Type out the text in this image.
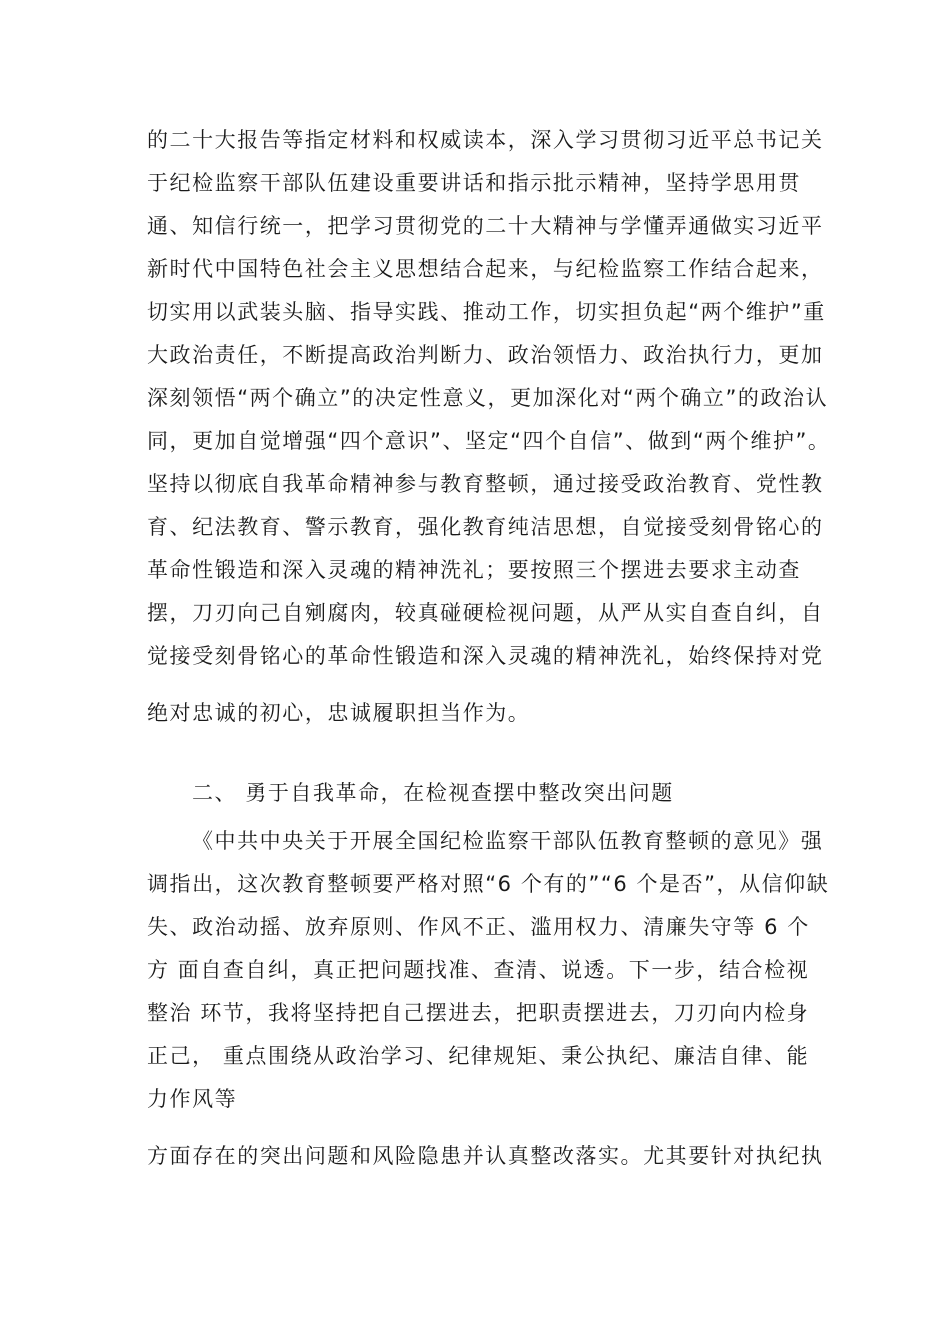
的二十大报告等指定材料和权威读本，深入学习贯彻习近平总书记关
于纪检监察干部队伍建设重要讲话和指示批示精神，坚持学思用贯
通、知信行统一，把学习贯彻党的二十大精神与学懂弄通做实习近平
新时代中国特色社会主义思想结合起来，与纪检监察工作结合起来，
切实用以武装头脑、指导实践、推动工作，切实担负起“两个维护”重
大政治责任，不断提高政治判断力、政治领悟力、政治执行力，更加
深刻领悟“两个确立”的决定性意义，更加深化对“两个确立”的政治认
同，更加自觉增强“四个意识”、坚定“四个自信”、做到“两个维护”。
坚持以彻底自我革命精神参与教育整顿，通过接受政治教育、党性教
育、纪法教育、警示教育，强化教育纯洁思想，自觉接受刻骨铭心的
革命性锻造和深入灵魂的精神洗礼；要按照三个摆进去要求主动查
摆，刀刃向己自剜腐肉，较真碰硬检视问题，从严从实自查自纠，自
觉接受刻骨铭心的革命性锻造和深入灵魂的精神洗礼，始终保持对党
绝对忠诚的初心，忠诚履职担当作为。
二、 勇于自我革命，在检视查摆中整改突出问题
《中共中央关于开展全国纪检监察干部队伍教育整顿的意见》强
调指出，这次教育整顿要严格对照“6 个有的”“6 个是否”，从信仰缺
失、政治动摇、放弃原则、作风不正、滥用权力、清廉失守等 6 个
方 面自查自纠，真正把问题找准、查清、说透。下一步，结合检视
整治 环节，我将坚持把自己摆进去，把职责摆进去，刀刃向内检身
正己， 重点围绕从政治学习、纪律规矩、秉公执纪、廉洁自律、能
力作风等
方面存在的突出问题和风险隐患并认真整改落实。尤其要针对执纪执
